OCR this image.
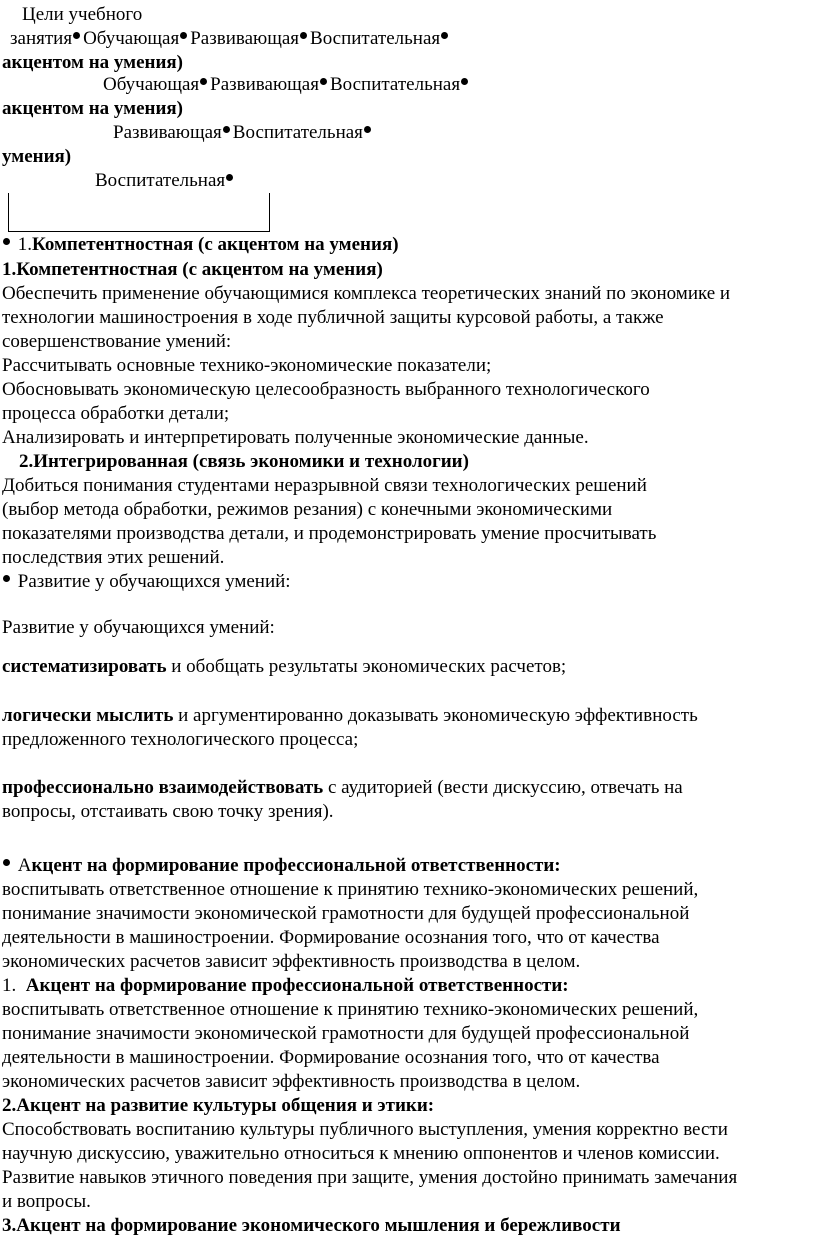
Цели учебного

занятия Обучающая Развивающая Воспитательная

акцентом на умения)

Обучающая Развивающая Воспитательная

акцентом на умения)

Развивающая Воспитательная

умения)

Воспитательная

1.Компетентностная (с акцентом на умения)

1.Компетентностная (с акцентом на умения)

Обеспечить применение обучающимися комплекса теоретических знаний по экономике и

технологии машиностроения в ходе публичной защиты курсовой работы, а также

совершенствование умений:

Рассчитывать основные технико-экономические показатели;

Обосновывать экономическую целесообразность выбранного технологического

процесса обработки детали;

Анализировать и интерпретировать полученные экономические данные.

2.Интегрированная (связь экономики и технологии)

Добиться понимания студентами неразрывной связи технологических решений

(выбор метода обработки, режимов резания) с конечными экономическими

показателями производства детали, и продемонстрировать умение просчитывать

последствия этих решений.

Развитие у обучающихся умений:

Развитие у обучающихся умений:

систематизировать и обобщать результаты экономических расчетов;

логически мыслить и аргументированно доказывать экономическую эффективность

предложенного технологического процесса;

профессионально взаимодействовать с аудиторией (вести дискуссию, отвечать на

вопросы, отстаивать свою точку зрения).

Акцент на формирование профессиональной ответственности:

воспитывать ответственное отношение к принятию технико-экономических решений,

понимание значимости экономической грамотности для будущей профессиональной

деятельности в машиностроении. Формирование осознания того, что от качества

экономических расчетов зависит эффективность производства в целом.

1. Акцент на формирование профессиональной ответственности:

воспитывать ответственное отношение к принятию технико-экономических решений,

понимание значимости экономической грамотности для будущей профессиональной

деятельности в машиностроении. Формирование осознания того, что от качества

экономических расчетов зависит эффективность производства в целом.

2.Акцент на развитие культуры общения и этики:

Способствовать воспитанию культуры публичного выступления, умения корректно вести

научную дискуссию, уважительно относиться к мнению оппонентов и членов комиссии.

Развитие навыков этичного поведения при защите, умения достойно принимать замечания

и вопросы.

3.Акцент на формирование экономического мышления и бережливости
